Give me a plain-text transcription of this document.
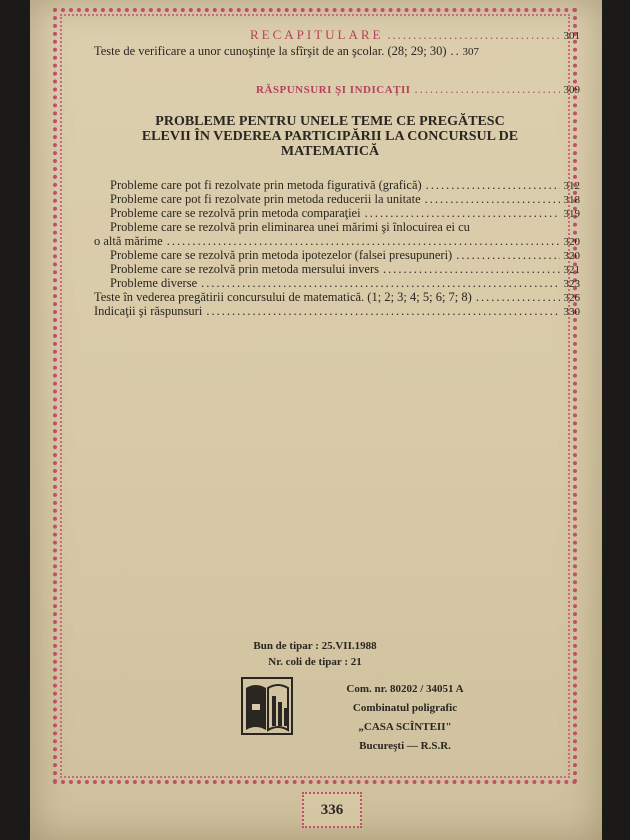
RECAPITULARE .....	301
Teste de verificare a unor cunoştinţe la sfîrşit de an şcolar. (28; 29; 30) ..... 307
RĂSPUNSURI ŞI INDICAŢII .....	309
PROBLEME PENTRU UNELE TEME CE PREGĂTESC
ELEVII ÎN VEDEREA PARTICIPĂRII LA CONCURSUL DE
MATEMATICĂ
Probleme care pot fi rezolvate prin metoda figurativă (grafică) .....	312
Probleme care pot fi rezolvate prin metoda reducerii la unitate .....	318
Probleme care se rezolvă prin metoda comparaţiei .....	319
Probleme care se rezolvă prin eliminarea unei mărimi şi înlocuirea ei cu
o altă mărime .....	320
Probleme care se rezolvă prin metoda ipotezelor (falsei presupuneri) .....	320
Probleme care se rezolvă prin metoda mersului invers .....	321
Probleme diverse .....	323
Teste în vederea pregătirii concursului de matematică. (1; 2; 3; 4; 5; 6; 7; 8) .....	326
Indicaţii şi răspunsuri .....	330
Bun de tipar : 25.VII.1988
Nr. coli de tipar : 21
Com. nr. 80202 / 34051 A
Combinatul poligrafic
„CASA SCÎNTEII"
Bucureşti — R.S.R.
336
